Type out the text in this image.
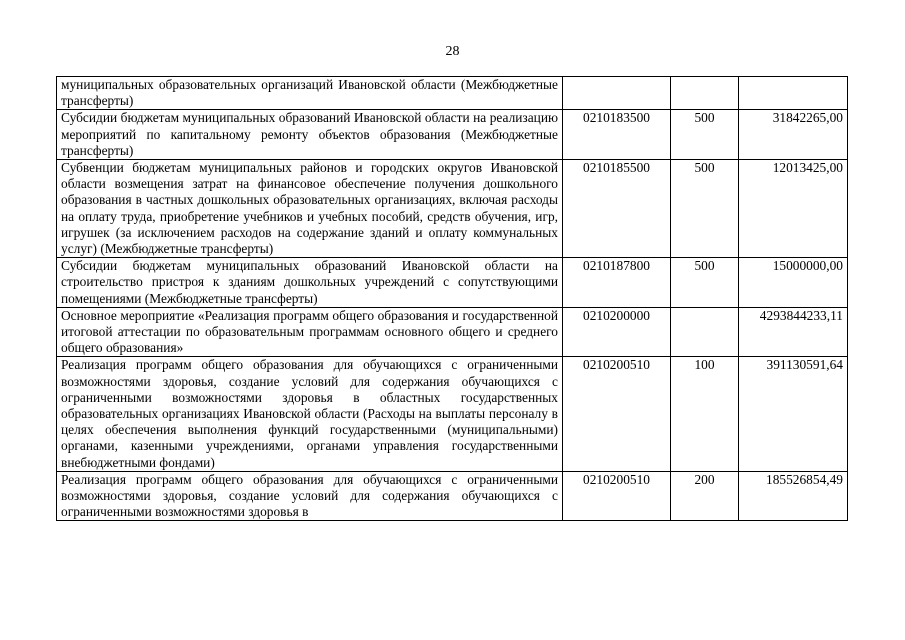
28
муниципальных образовательных организаций Ивановской области (Межбюджетные трансферты)			
Субсидии бюджетам муниципальных образований Ивановской области на реализацию мероприятий по капитальному ремонту объектов образования (Межбюджетные трансферты)	0210183500	500	31842265,00
Субвенции бюджетам муниципальных районов и городских округов Ивановской области возмещения затрат на финансовое обеспечение получения дошкольного образования в частных дошкольных образовательных организациях, включая расходы на оплату труда, приобретение учебников и учебных пособий, средств обучения, игр, игрушек (за исключением расходов на содержание зданий и оплату коммунальных услуг) (Межбюджетные трансферты)	0210185500	500	12013425,00
Субсидии бюджетам муниципальных образований Ивановской области на строительство пристроя к зданиям дошкольных учреждений с сопутствующими помещениями (Межбюджетные трансферты)	0210187800	500	15000000,00
Основное мероприятие «Реализация программ общего образования и государственной итоговой аттестации по образовательным программам основного общего и среднего общего образования»	0210200000		4293844233,11
Реализация программ общего образования для обучающихся с ограниченными возможностями здоровья, создание условий для содержания обучающихся с ограниченными возможностями здоровья в областных государственных образовательных организациях Ивановской области (Расходы на выплаты персоналу в целях обеспечения выполнения функций государственными (муниципальными) органами, казенными учреждениями, органами управления государственными внебюджетными фондами)	0210200510	100	391130591,64
Реализация программ общего образования для обучающихся с ограниченными возможностями здоровья, создание условий для содержания обучающихся с ограниченными возможностями здоровья в	0210200510	200	185526854,49
